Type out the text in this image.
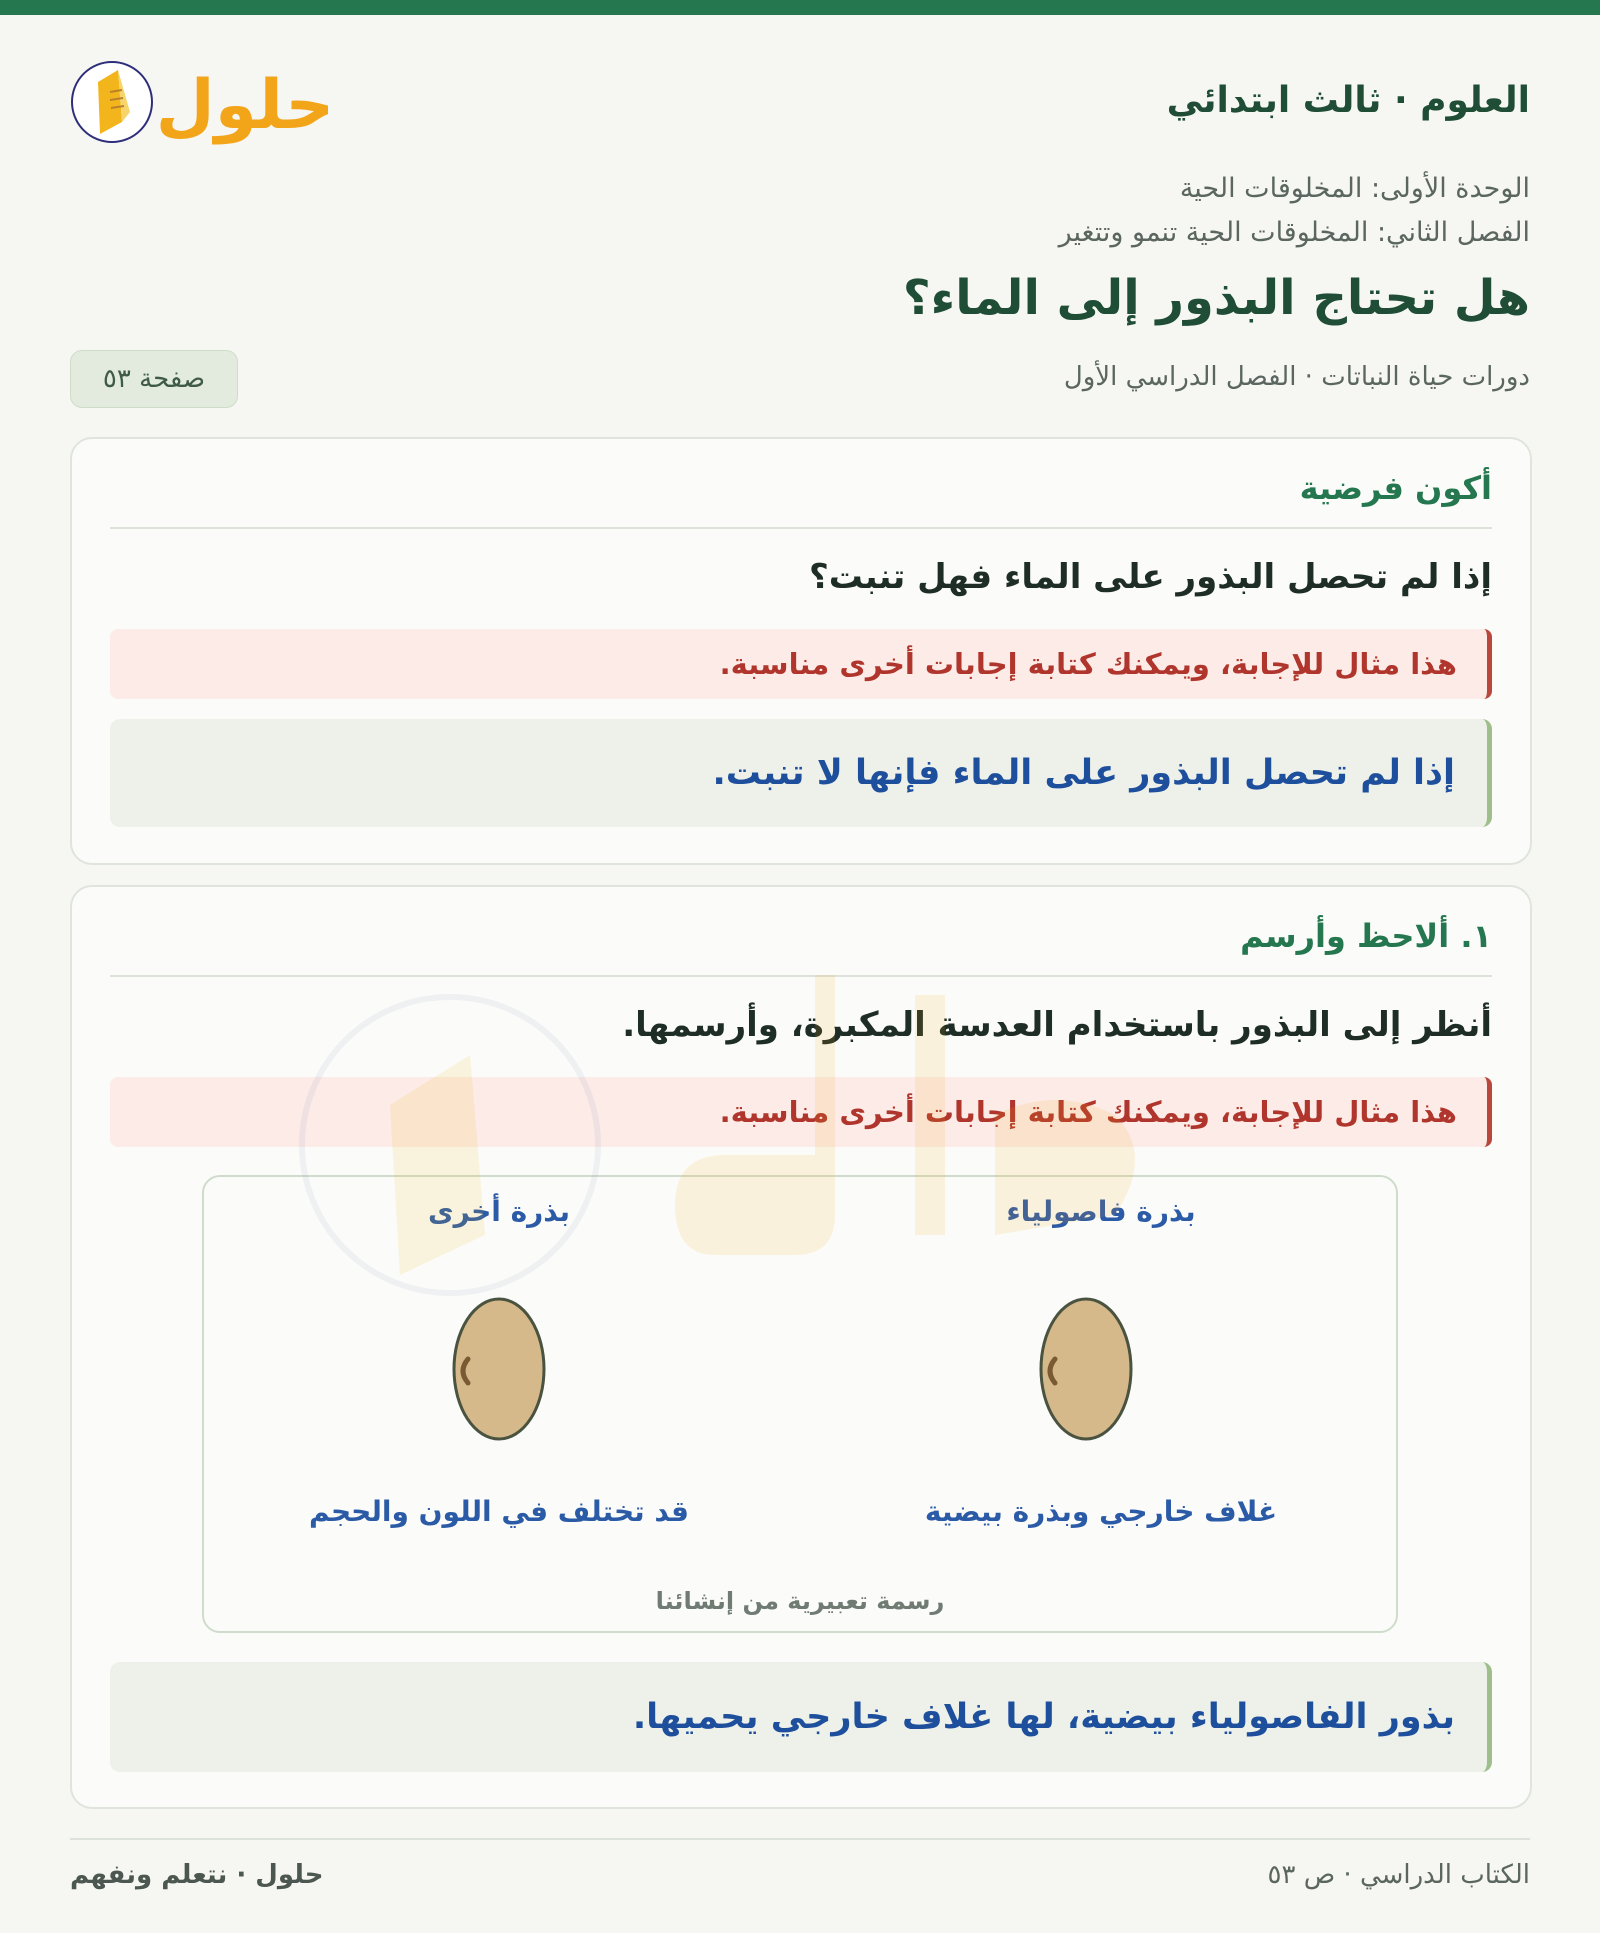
حلول	العلوم · ثالث ابتدائي
الوحدة الأولى: المخلوقات الحية
الفصل الثاني: المخلوقات الحية تنمو وتتغير
هل تحتاج البذور إلى الماء؟
دورات حياة النباتات · الفصل الدراسي الأول
صفحة ٥٣
أكون فرضية
إذا لم تحصل البذور على الماء فهل تنبت؟
هذا مثال للإجابة، ويمكنك كتابة إجابات أخرى مناسبة.
إذا لم تحصل البذور على الماء فإنها لا تنبت.
١. ألاحظ وأرسم
أنظر إلى البذور باستخدام العدسة المكبرة، وأرسمها.
هذا مثال للإجابة، ويمكنك كتابة إجابات أخرى مناسبة.
بذرة فاصولياء
غلاف خارجي وبذرة بيضية
بذرة أخرى
قد تختلف في اللون والحجم
رسمة تعبيرية من إنشائنا
بذور الفاصولياء بيضية، لها غلاف خارجي يحميها.
حلول · نتعلم ونفهم	الكتاب الدراسي · ص ٥٣
